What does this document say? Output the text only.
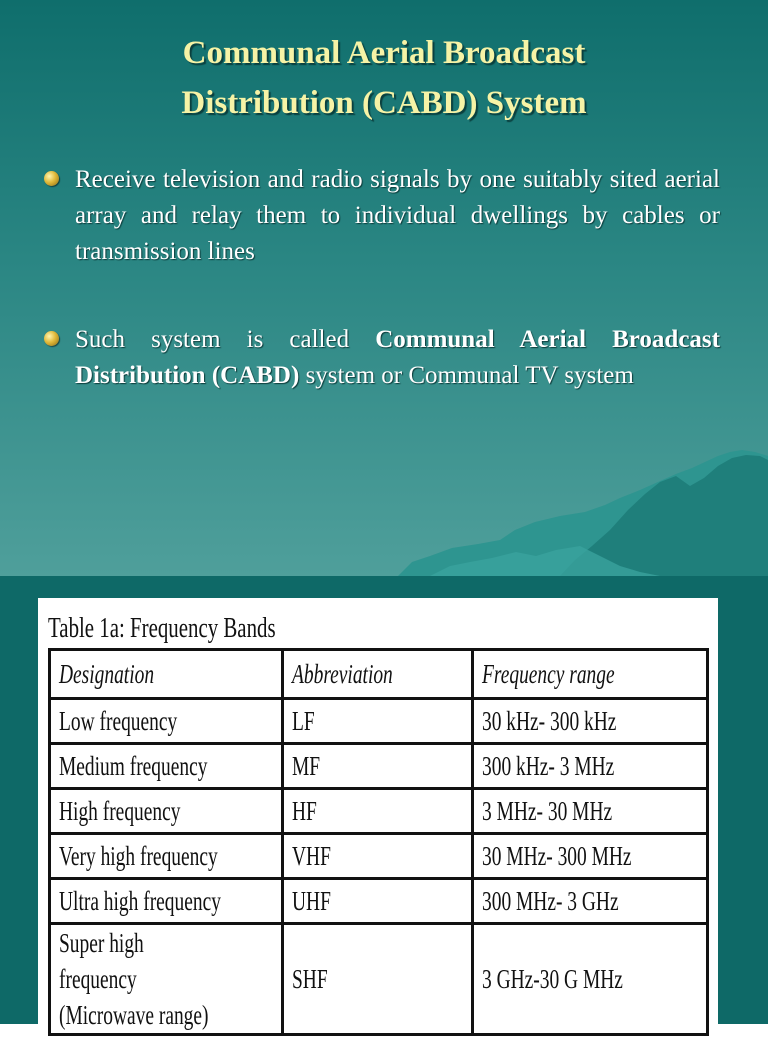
Communal Aerial Broadcast
Distribution (CABD) System
Receive television and radio signals by one suitably sited aerial array and relay them to individual dwellings by cables or transmission lines
Such system is called Communal Aerial Broadcast Distribution (CABD) system or Communal TV system
Table 1a: Frequency Bands
Designation	Abbreviation	Frequency range
Low frequency	LF	30 kHz- 300 kHz
Medium frequency	MF	300 kHz- 3 MHz
High frequency	HF	3 MHz- 30 MHz
Very high frequency	VHF	30 MHz- 300 MHz
Ultra high frequency	UHF	300 MHz- 3 GHz
Super high frequency
(Microwave range)	SHF	3 GHz-30 G MHz
